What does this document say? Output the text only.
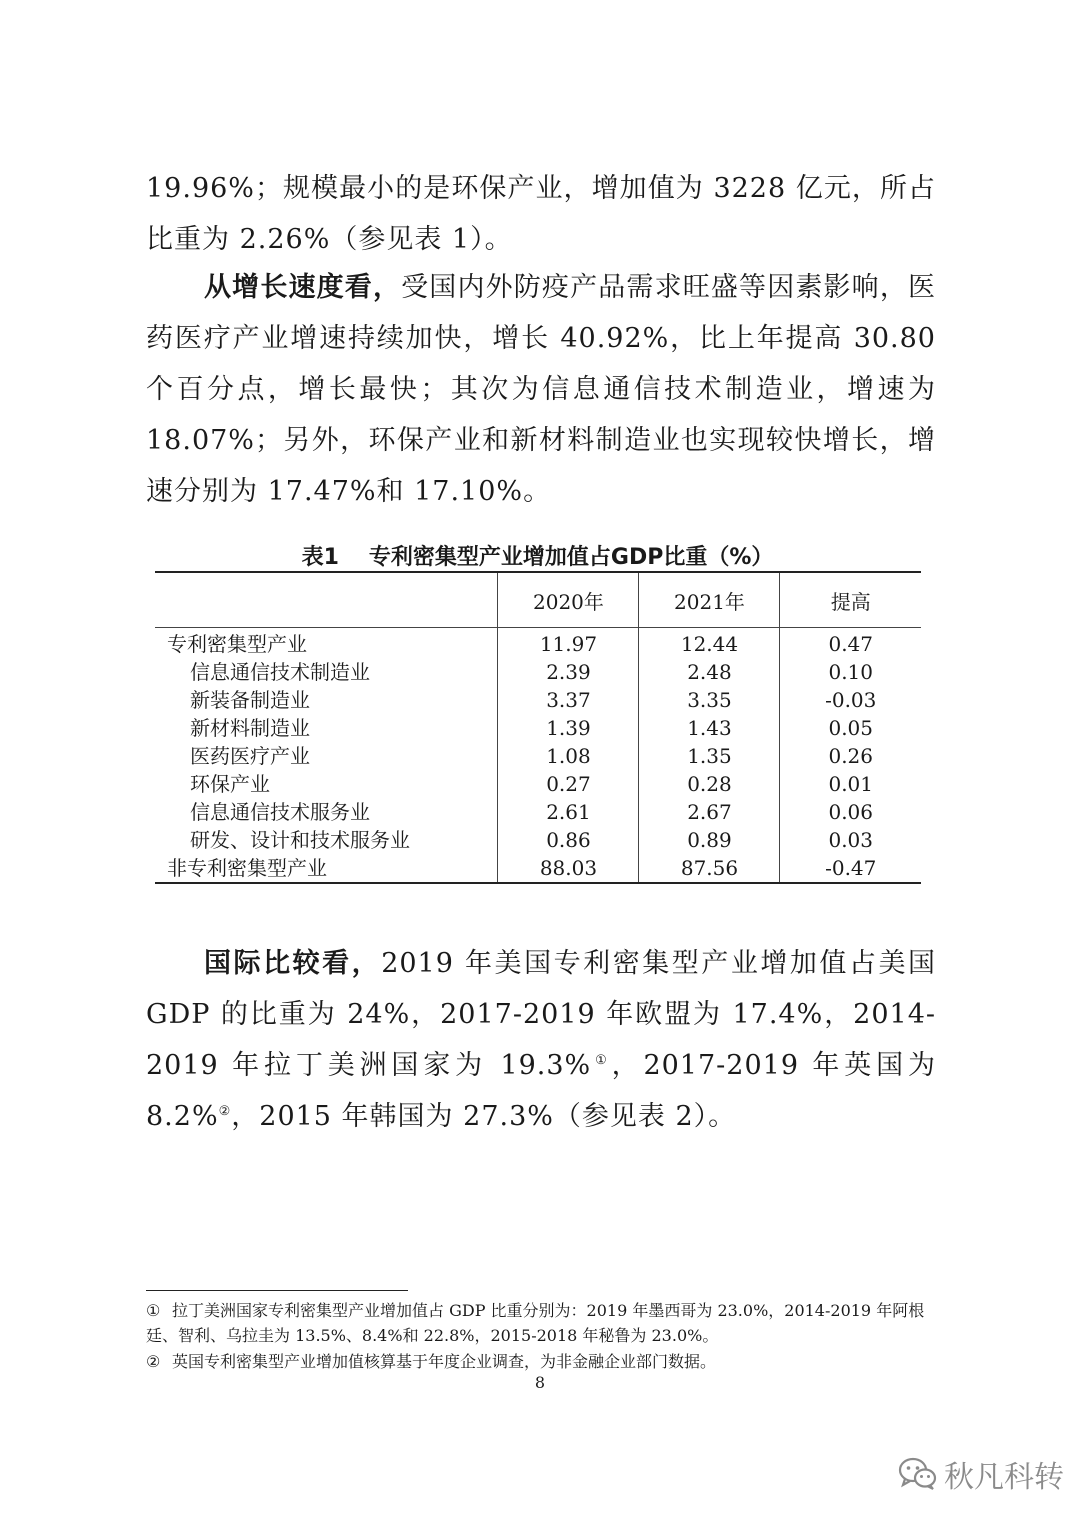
19.96%；规模最小的是环保产业，增加值为 3228 亿元，所占比重为 2.26%（参见表 1）。

从增长速度看，受国内外防疫产品需求旺盛等因素影响，医药医疗产业增速持续加快，增长 40.92%，比上年提高 30.80 个百分点，增长最快；其次为信息通信技术制造业，增速为 18.07%；另外，环保产业和新材料制造业也实现较快增长，增速分别为 17.47%和 17.10%。

表1 专利密集型产业增加值占GDP比重（%）
	2020年	2021年	提高
专利密集型产业	11.97	12.44	0.47
信息通信技术制造业	2.39	2.48	0.10
新装备制造业	3.37	3.35	-0.03
新材料制造业	1.39	1.43	0.05
医药医疗产业	1.08	1.35	0.26
环保产业	0.27	0.28	0.01
信息通信技术服务业	2.61	2.67	0.06
研发、设计和技术服务业	0.86	0.89	0.03
非专利密集型产业	88.03	87.56	-0.47

国际比较看，2019 年美国专利密集型产业增加值占美国 GDP 的比重为 24%，2017-2019 年欧盟为 17.4%，2014-2019 年拉丁美洲国家为 19.3%①，2017-2019 年英国为 8.2%②，2015 年韩国为 27.3%（参见表 2）。

① 拉丁美洲国家专利密集型产业增加值占 GDP 比重分别为：2019 年墨西哥为 23.0%，2014-2019 年阿根廷、智利、乌拉圭为 13.5%、8.4%和 22.8%，2015-2018 年秘鲁为 23.0%。

② 英国专利密集型产业增加值核算基于年度企业调查，为非金融企业部门数据。

8
秋凡科转
